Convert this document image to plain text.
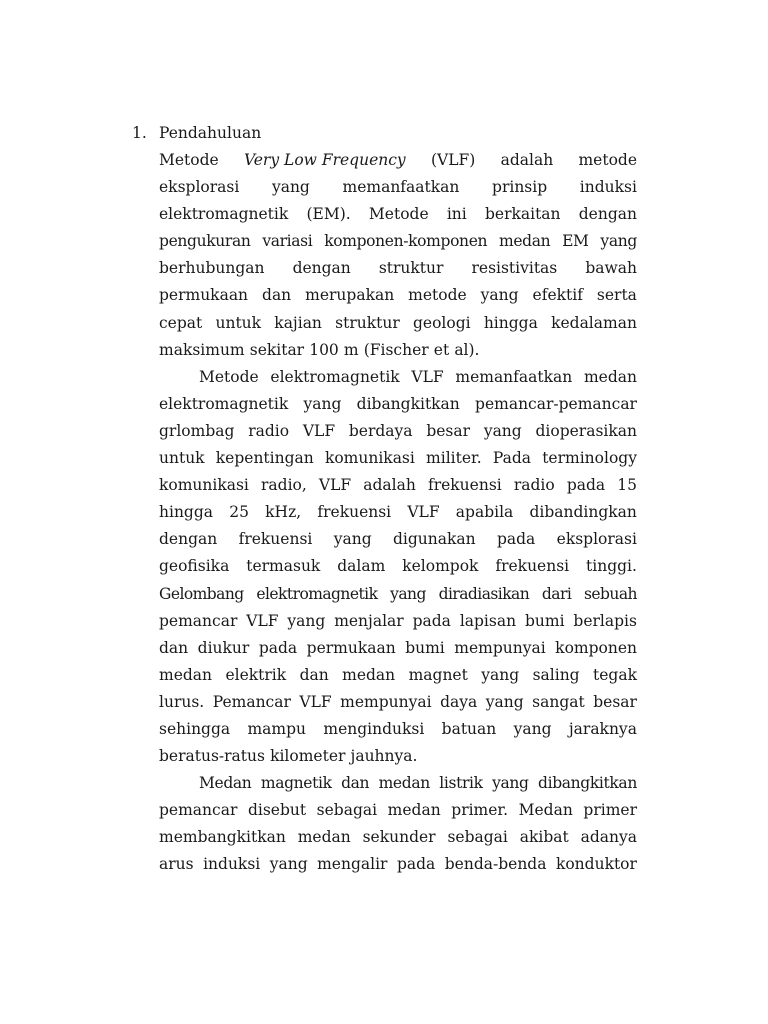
1. Pendahuluan
Metode Very Low Frequency (VLF) adalah metode
eksplorasi yang memanfaatkan prinsip induksi
elektromagnetik (EM). Metode ini berkaitan dengan
pengukuran variasi komponen-komponen medan EM yang
berhubungan dengan struktur resistivitas bawah
permukaan dan merupakan metode yang efektif serta
cepat untuk kajian struktur geologi hingga kedalaman
maksimum sekitar 100 m (Fischer et al).
Metode elektromagnetik VLF memanfaatkan medan
elektromagnetik yang dibangkitkan pemancar-pemancar
grlombag radio VLF berdaya besar yang dioperasikan
untuk kepentingan komunikasi militer. Pada terminology
komunikasi radio, VLF adalah frekuensi radio pada 15
hingga 25 kHz, frekuensi VLF apabila dibandingkan
dengan frekuensi yang digunakan pada eksplorasi
geofisika termasuk dalam kelompok frekuensi tinggi.
Gelombang elektromagnetik yang diradiasikan dari sebuah
pemancar VLF yang menjalar pada lapisan bumi berlapis
dan diukur pada permukaan bumi mempunyai komponen
medan elektrik dan medan magnet yang saling tegak
lurus. Pemancar VLF mempunyai daya yang sangat besar
sehingga mampu menginduksi batuan yang jaraknya
beratus-ratus kilometer jauhnya.
Medan magnetik dan medan listrik yang dibangkitkan
pemancar disebut sebagai medan primer. Medan primer
membangkitkan medan sekunder sebagai akibat adanya
arus induksi yang mengalir pada benda-benda konduktor
